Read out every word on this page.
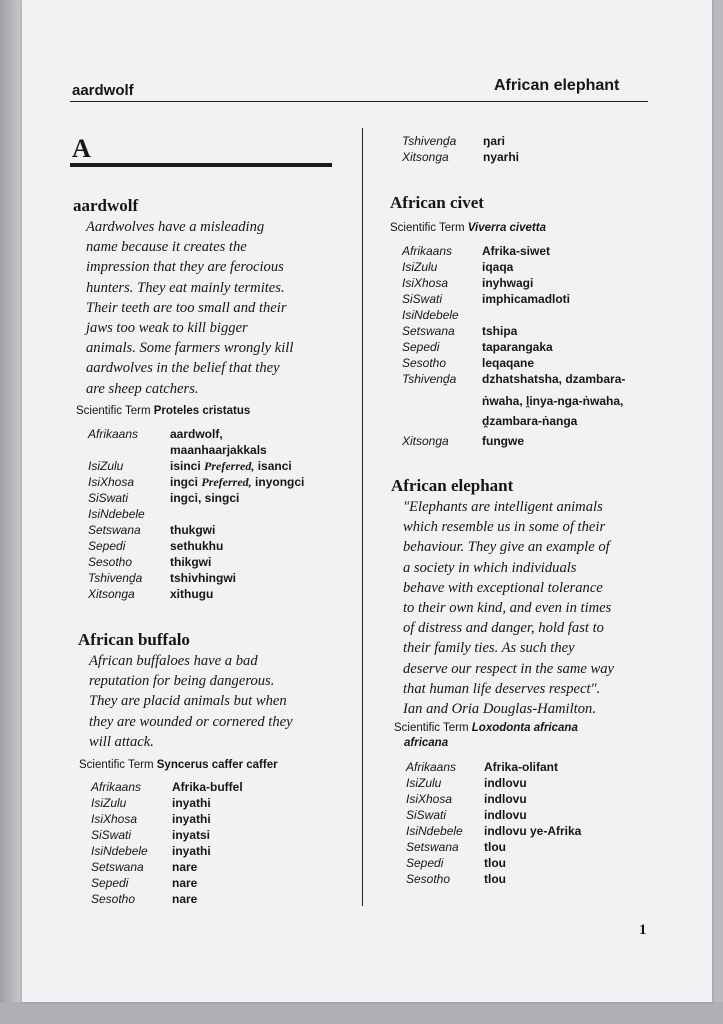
aardwolf	African elephant
A
aardwolf
Aardwolves have a misleading
name because it creates the
impression that they are ferocious
hunters. They eat mainly termites.
Their teeth are too small and their
jaws too weak to kill bigger
animals. Some farmers wrongly kill
aardwolves in the belief that they
are sheep catchers.
Scientific Term Proteles cristatus
Afrikaans	aardwolf,
maanhaarjakkals
IsiZulu	isinci Preferred, isanci
IsiXhosa	ingci Preferred, inyongci
SiSwati	ingci, singci
IsiNdebele
Setswana thukgwi
Sepedi	sethukhu
Sesotho	thikgwi
Tshivenḓa tshivhingwi
Xitsonga	xithugu
African buffalo
African buffaloes have a bad
reputation for being dangerous.
They are placid animals but when
they are wounded or cornered they
will attack.
Scientific Term Syncerus caffer caffer
Afrikaans	Afrika-buffel
IsiZulu	inyathi
IsiXhosa	inyathi
SiSwati	inyatsi
IsiNdebele inyathi
Setswana nare
Sepedi	nare
Sesotho	nare
Tshivenḓa ŋari
Xitsonga	nyarhi
African civet
Scientific Term Viverra civetta
Afrikaans Afrika-siwet
IsiZulu	iqaqa
IsiXhosa	inyhwagi
SiSwati	imphicamadloti
IsiNdebele
Setswana tshipa
Sepedi	taparangaka
Sesotho	leqaqane
Tshivenḓa dzhatshatsha, dzambara-
ṅwaha, ḽinya-nga-ṅwaha,
ḓzambara-ṅanga
Xitsonga	fungwe
African elephant
"Elephants are intelligent animals
which resemble us in some of their
behaviour. They give an example of
a society in which individuals
behave with exceptional tolerance
to their own kind, and even in times
of distress and danger, hold fast to
their family ties. As such they
deserve our respect in the same way
that human life deserves respect".
Ian and Oria Douglas-Hamilton.
Scientific Term Loxodonta africana
africana
Afrikaans Afrika-olifant
IsiZulu	indlovu
IsiXhosa	indlovu
SiSwati	indlovu
IsiNdebele indlovu ye-Afrika
Setswana tlou
Sepedi	tlou
Sesotho	tlou
1
